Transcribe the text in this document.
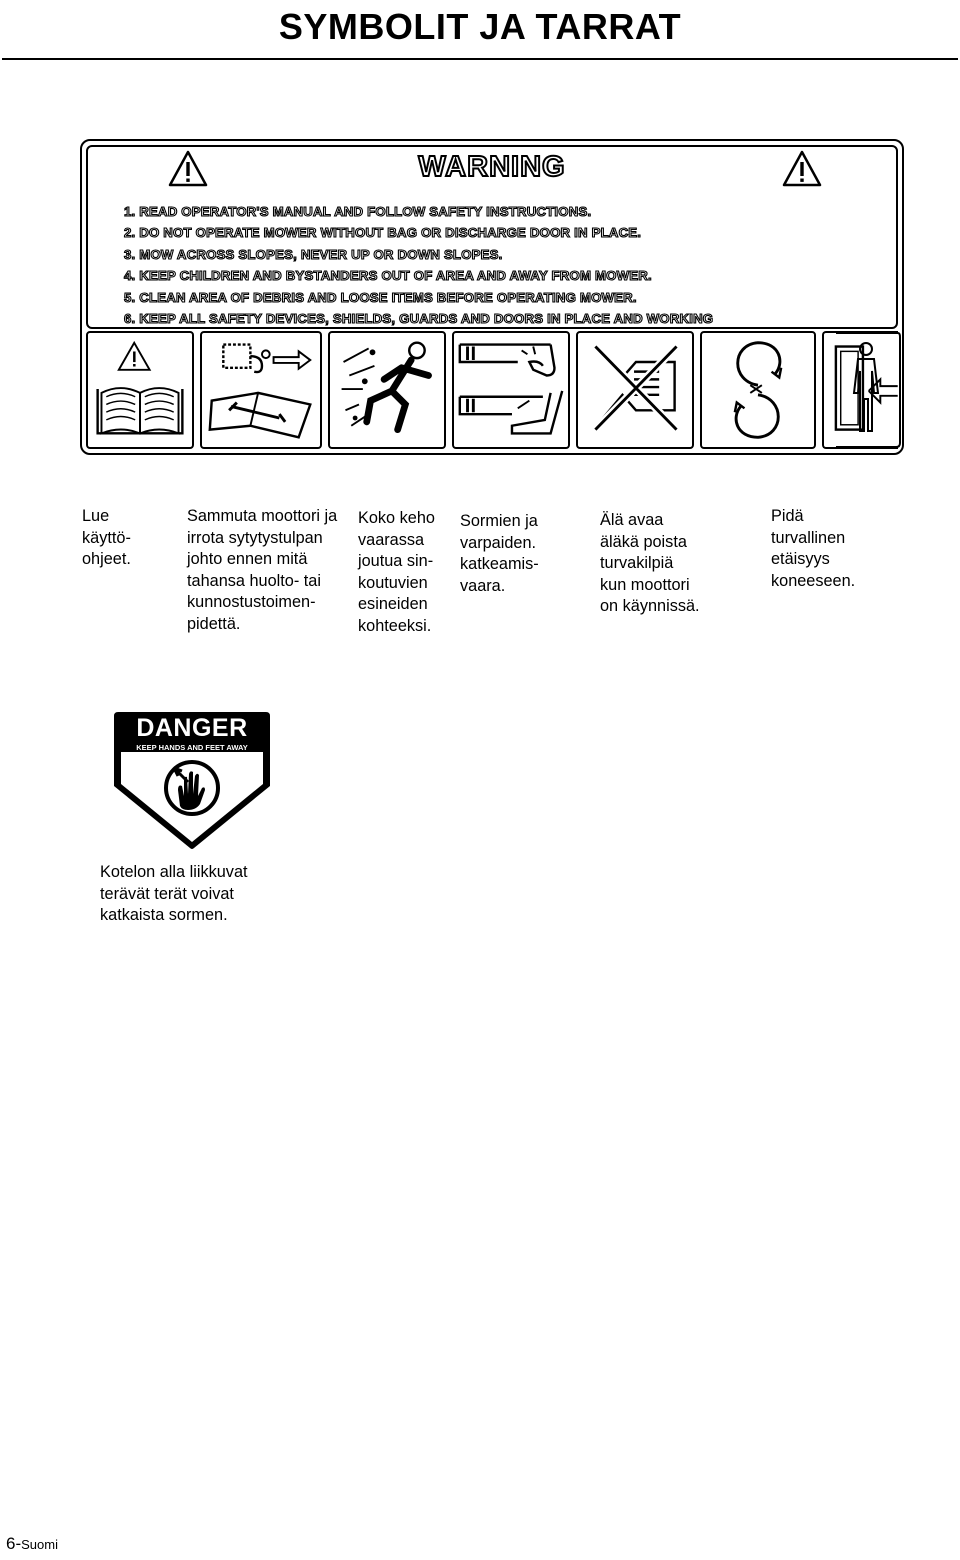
SYMBOLIT JA TARRAT
WARNING
1. READ OPERATOR'S MANUAL AND FOLLOW SAFETY INSTRUCTIONS.
2. DO NOT OPERATE MOWER WITHOUT BAG OR DISCHARGE DOOR IN PLACE.
3. MOW ACROSS SLOPES, NEVER UP OR DOWN SLOPES.
4. KEEP CHILDREN AND BYSTANDERS OUT OF AREA AND AWAY FROM MOWER.
5. CLEAN AREA OF DEBRIS AND LOOSE ITEMS BEFORE OPERATING MOWER.
6. KEEP ALL SAFETY DEVICES, SHIELDS, GUARDS AND DOORS IN PLACE AND WORKING
Lue
käyttö-
ohjeet.
Sammuta moottori ja
irrota sytytystulpan
johto ennen mitä
tahansa huolto- tai
kunnostustoimen-
pidettä.
Koko keho
vaarassa
joutua sin-
koutuvien
esineiden
kohteeksi.
Sormien ja
varpaiden.
katkeamis-
vaara.
Älä avaa
äläkä poista
turvakilpiä
kun moottori
on käynnissä.
Pidä
turvallinen
etäisyys
koneeseen.
DANGER
KEEP HANDS AND FEET AWAY
Kotelon alla liikkuvat
terävät terät voivat
katkaista sormen.
6-Suomi
